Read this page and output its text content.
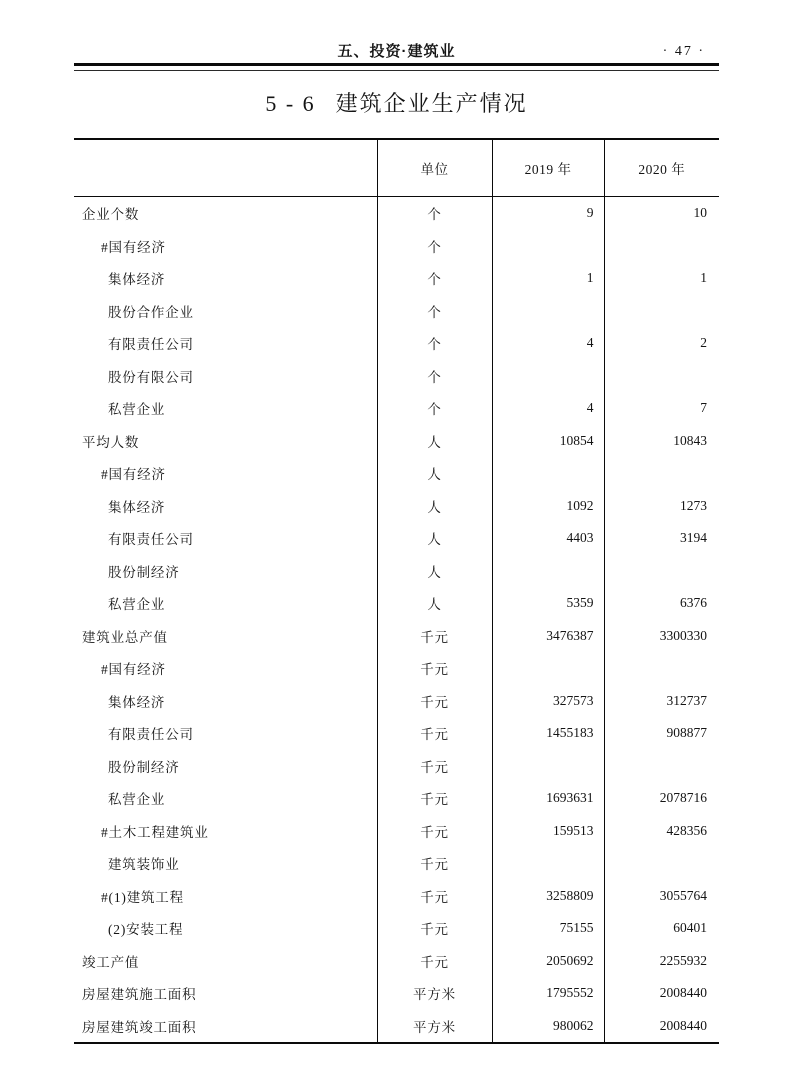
五、投资·建筑业	· 47 ·
5 - 6 建筑企业生产情况
	单位	2019 年	2020 年
企业个数	个	9	10
#国有经济	个		
集体经济	个	1	1
股份合作企业	个		
有限责任公司	个	4	2
股份有限公司	个		
私营企业	个	4	7
平均人数	人	10854	10843
#国有经济	人		
集体经济	人	1092	1273
有限责任公司	人	4403	3194
股份制经济	人		
私营企业	人	5359	6376
建筑业总产值	千元	3476387	3300330
#国有经济	千元		
集体经济	千元	327573	312737
有限责任公司	千元	1455183	908877
股份制经济	千元		
私营企业	千元	1693631	2078716
#土木工程建筑业	千元	159513	428356
建筑装饰业	千元		
#(1)建筑工程	千元	3258809	3055764
(2)安装工程	千元	75155	60401
竣工产值	千元	2050692	2255932
房屋建筑施工面积	平方米	1795552	2008440
房屋建筑竣工面积	平方米	980062	2008440
